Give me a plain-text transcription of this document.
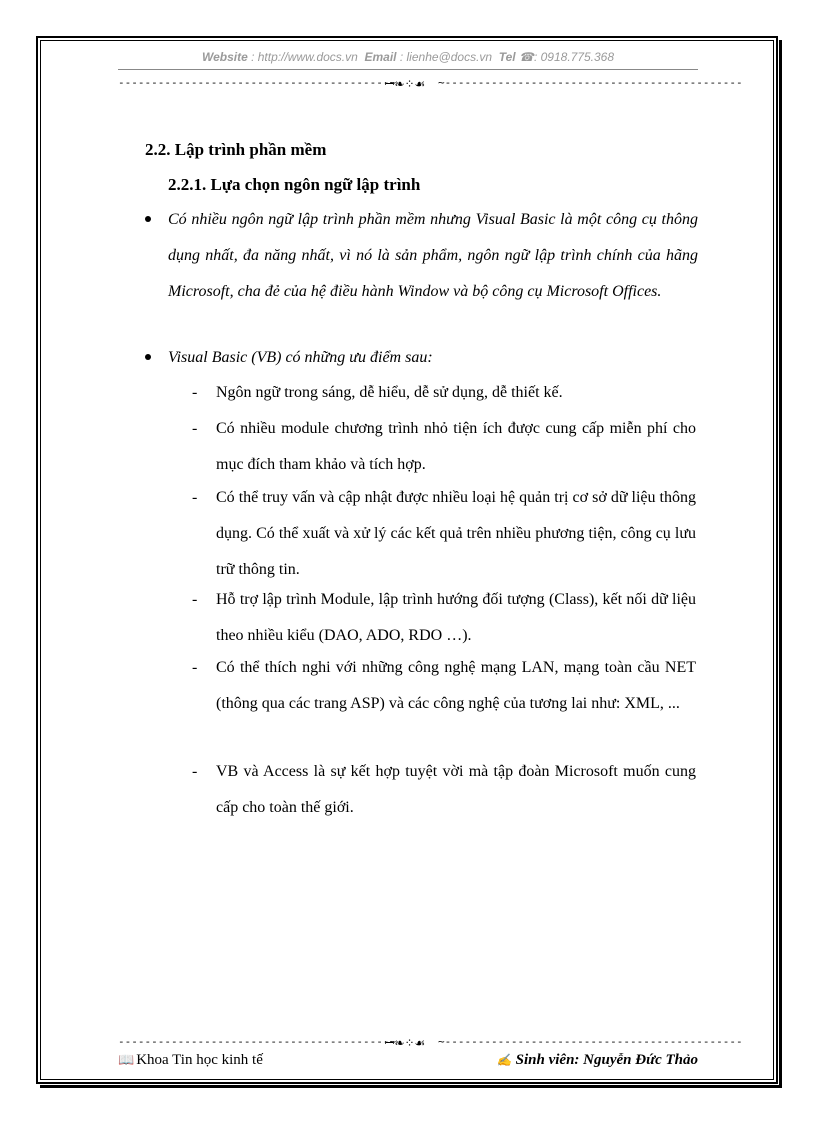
Website : http://www.docs.vn Email : lienhe@docs.vn Tel ☎: 0918.775.368
-----------------------------------------~
ꟷ❧⁘☙	~---------------------------------------------
2.2. Lập trình phần mềm
2.2.1. Lựa chọn ngôn ngữ lập trình
Có nhiều ngôn ngữ lập trình phần mềm nhưng Visual Basic là một công cụ thông dụng nhất, đa năng nhất, vì nó là sản phẩm, ngôn ngữ lập trình chính của hãng Microsoft, cha đẻ của hệ điều hành Window và bộ công cụ Microsoft Offices.
Visual Basic (VB) có những ưu điểm sau:
- Ngôn ngữ trong sáng, dễ hiểu, dễ sử dụng, dễ thiết kế.
- Có nhiều module chương trình nhỏ tiện ích được cung cấp miễn phí cho mục đích tham khảo và tích hợp.
- Có thể truy vấn và cập nhật được nhiều loại hệ quản trị cơ sở dữ liệu thông dụng. Có thể xuất và xử lý các kết quả trên nhiều phương tiện, công cụ lưu trữ thông tin.
- Hỗ trợ lập trình Module, lập trình hướng đối tượng (Class), kết nối dữ liệu theo nhiều kiểu (DAO, ADO, RDO …).
- Có thể thích nghi với những công nghệ mạng LAN, mạng toàn cầu NET (thông qua các trang ASP) và các công nghệ của tương lai như: XML, ...
- VB và Access là sự kết hợp tuyệt vời mà tập đoàn Microsoft muốn cung cấp cho toàn thế giới.
-----------------------------------------~
ꟷ❧⁘☙	~---------------------------------------------
📖 Khoa Tin học kinh tế	✍ Sinh viên: Nguyễn Đức Thảo
